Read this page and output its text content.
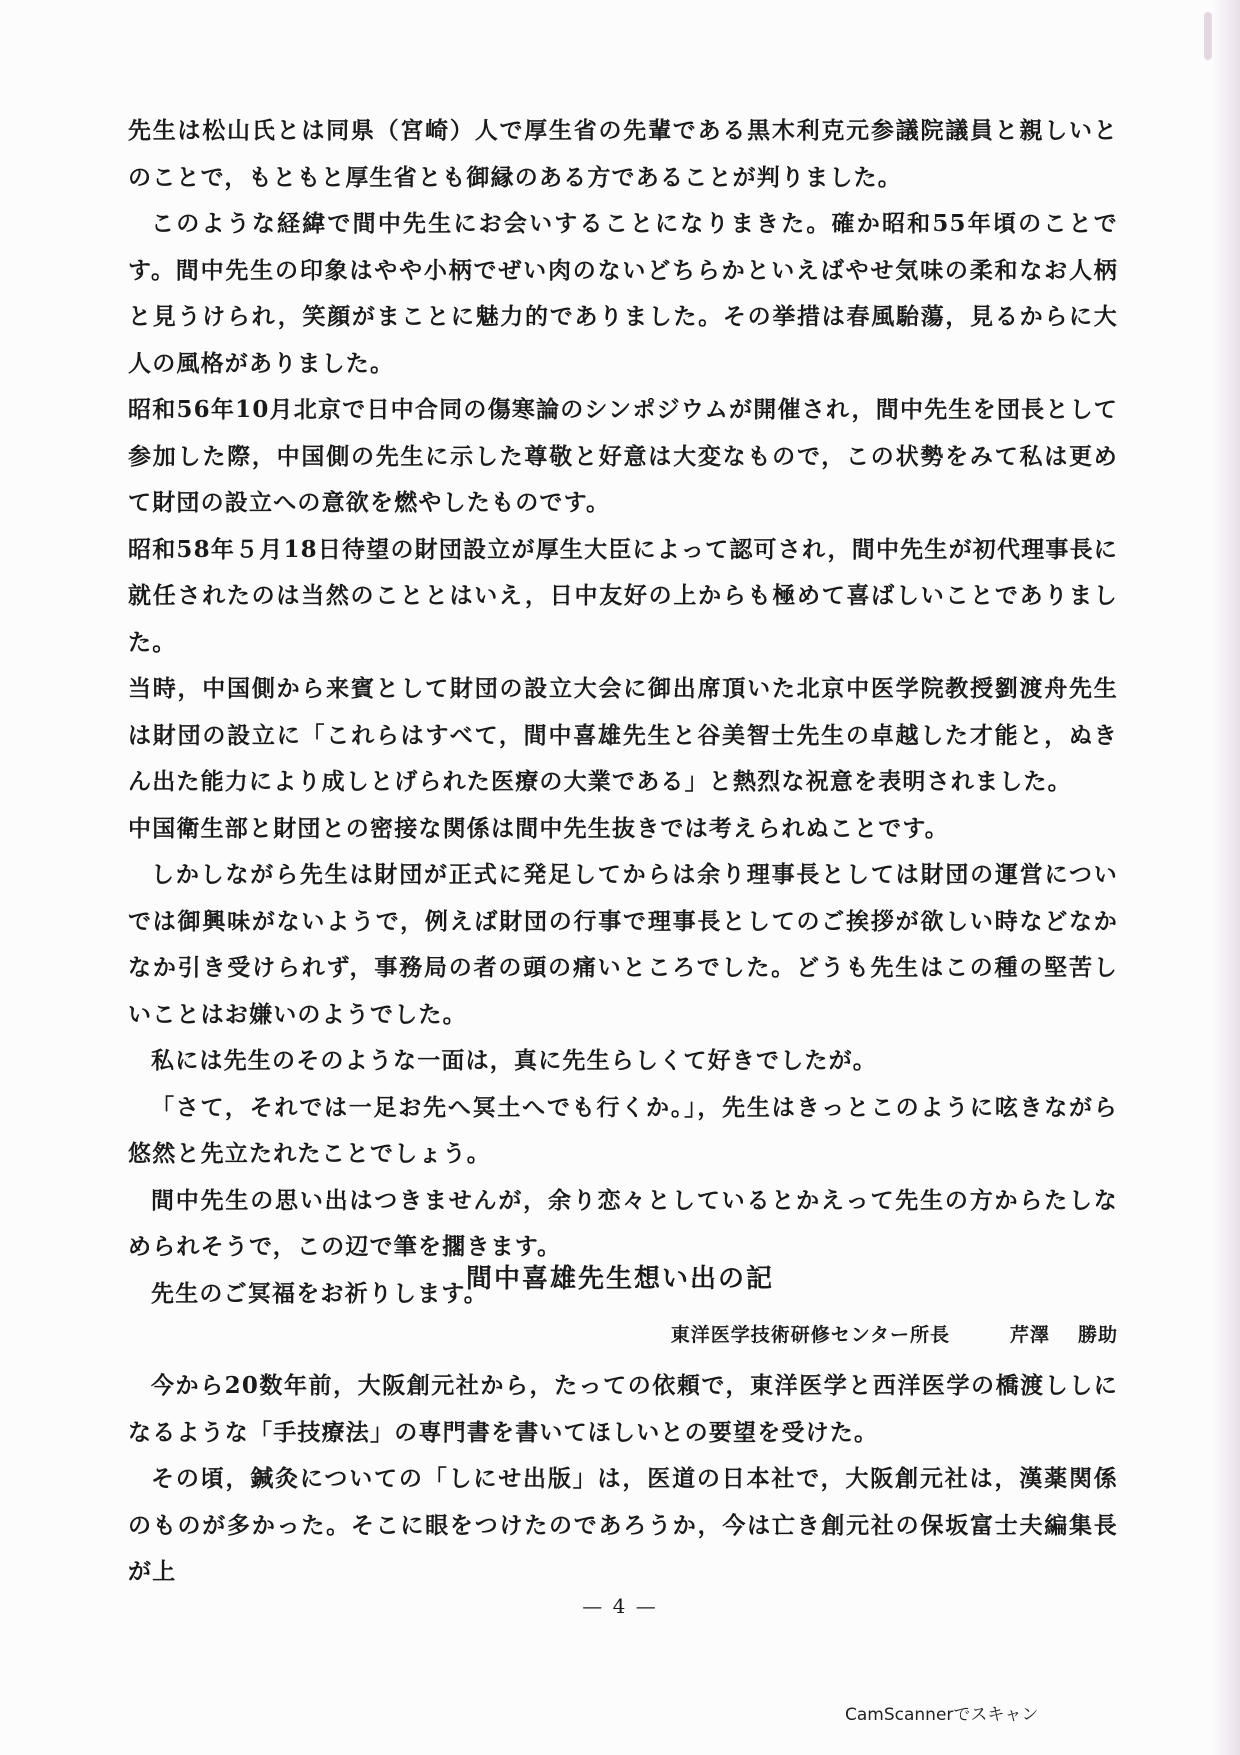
先生は松山氏とは同県（宮崎）人で厚生省の先輩である黒木利克元参議院議員と親しいとのことで，もともと厚生省とも御縁のある方であることが判りました。

このような経緯で間中先生にお会いすることになりまきた。確か昭和55年頃のことです。間中先生の印象はやや小柄でぜい肉のないどちらかといえばやせ気味の柔和なお人柄と見うけられ，笑顔がまことに魅力的でありました。その挙措は春風駘蕩，見るからに大人の風格がありました。

昭和56年10月北京で日中合同の傷寒論のシンポジウムが開催され，間中先生を団長として参加した際，中国側の先生に示した尊敬と好意は大変なもので，この状勢をみて私は更めて財団の設立への意欲を燃やしたものです。

昭和58年５月18日待望の財団設立が厚生大臣によって認可され，間中先生が初代理事長に就任されたのは当然のこととはいえ，日中友好の上からも極めて喜ばしいことでありました。

当時，中国側から来賓として財団の設立大会に御出席頂いた北京中医学院教授劉渡舟先生は財団の設立に「これらはすべて，間中喜雄先生と谷美智士先生の卓越した才能と，ぬきん出た能力により成しとげられた医療の大業である」と熱烈な祝意を表明されました。

中国衛生部と財団との密接な関係は間中先生抜きでは考えられぬことです。

しかしながら先生は財団が正式に発足してからは余り理事長としては財団の運営についでは御興味がないようで，例えば財団の行事で理事長としてのご挨拶が欲しい時などなかなか引き受けられず，事務局の者の頭の痛いところでした。どうも先生はこの種の堅苦しいことはお嫌いのようでした。

私には先生のそのような一面は，真に先生らしくて好きでしたが。

「さて，それでは一足お先へ冥土へでも行くか。」，先生はきっとこのように呟きながら悠然と先立たれたことでしょう。

間中先生の思い出はつきませんが，余り恋々としているとかえって先生の方からたしなめられそうで，この辺で筆を擱きます。

先生のご冥福をお祈りします。

間中喜雄先生想い出の記
東洋医学技術研修センター所長	芹澤 勝助

今から20数年前，大阪創元社から，たっての依頼で，東洋医学と西洋医学の橋渡ししになるような「手技療法」の専門書を書いてほしいとの要望を受けた。

その頃，鍼灸についての「しにせ出版」は，医道の日本社で，大阪創元社は，漢薬関係のものが多かった。そこに眼をつけたのであろうか，今は亡き創元社の保坂富士夫編集長が上

— 4 —
CamScannerでスキャン
